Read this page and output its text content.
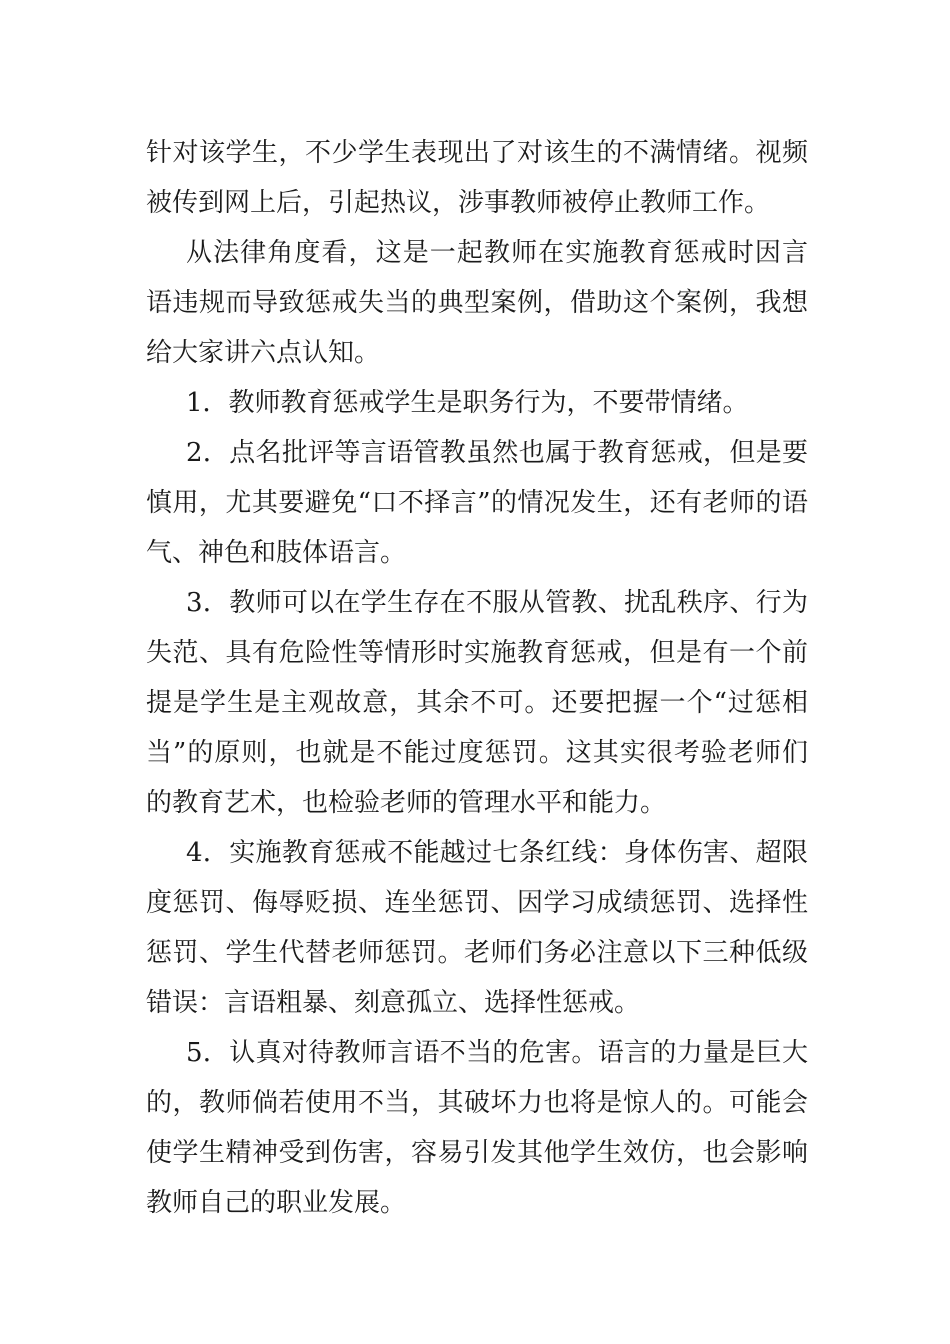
针对该学生，不少学生表现出了对该生的不满情绪。视频被传到网上后，引起热议，涉事教师被停止教师工作。

从法律角度看，这是一起教师在实施教育惩戒时因言语违规而导致惩戒失当的典型案例，借助这个案例，我想给大家讲六点认知。

1．教师教育惩戒学生是职务行为，不要带情绪。

2．点名批评等言语管教虽然也属于教育惩戒，但是要慎用，尤其要避免“口不择言”的情况发生，还有老师的语气、神色和肢体语言。

3．教师可以在学生存在不服从管教、扰乱秩序、行为失范、具有危险性等情形时实施教育惩戒，但是有一个前提是学生是主观故意，其余不可。还要把握一个“过惩相当”的原则，也就是不能过度惩罚。这其实很考验老师们的教育艺术，也检验老师的管理水平和能力。

4．实施教育惩戒不能越过七条红线：身体伤害、超限度惩罚、侮辱贬损、连坐惩罚、因学习成绩惩罚、选择性惩罚、学生代替老师惩罚。老师们务必注意以下三种低级错误：言语粗暴、刻意孤立、选择性惩戒。

5．认真对待教师言语不当的危害。语言的力量是巨大的，教师倘若使用不当，其破坏力也将是惊人的。可能会使学生精神受到伤害，容易引发其他学生效仿，也会影响教师自己的职业发展。
